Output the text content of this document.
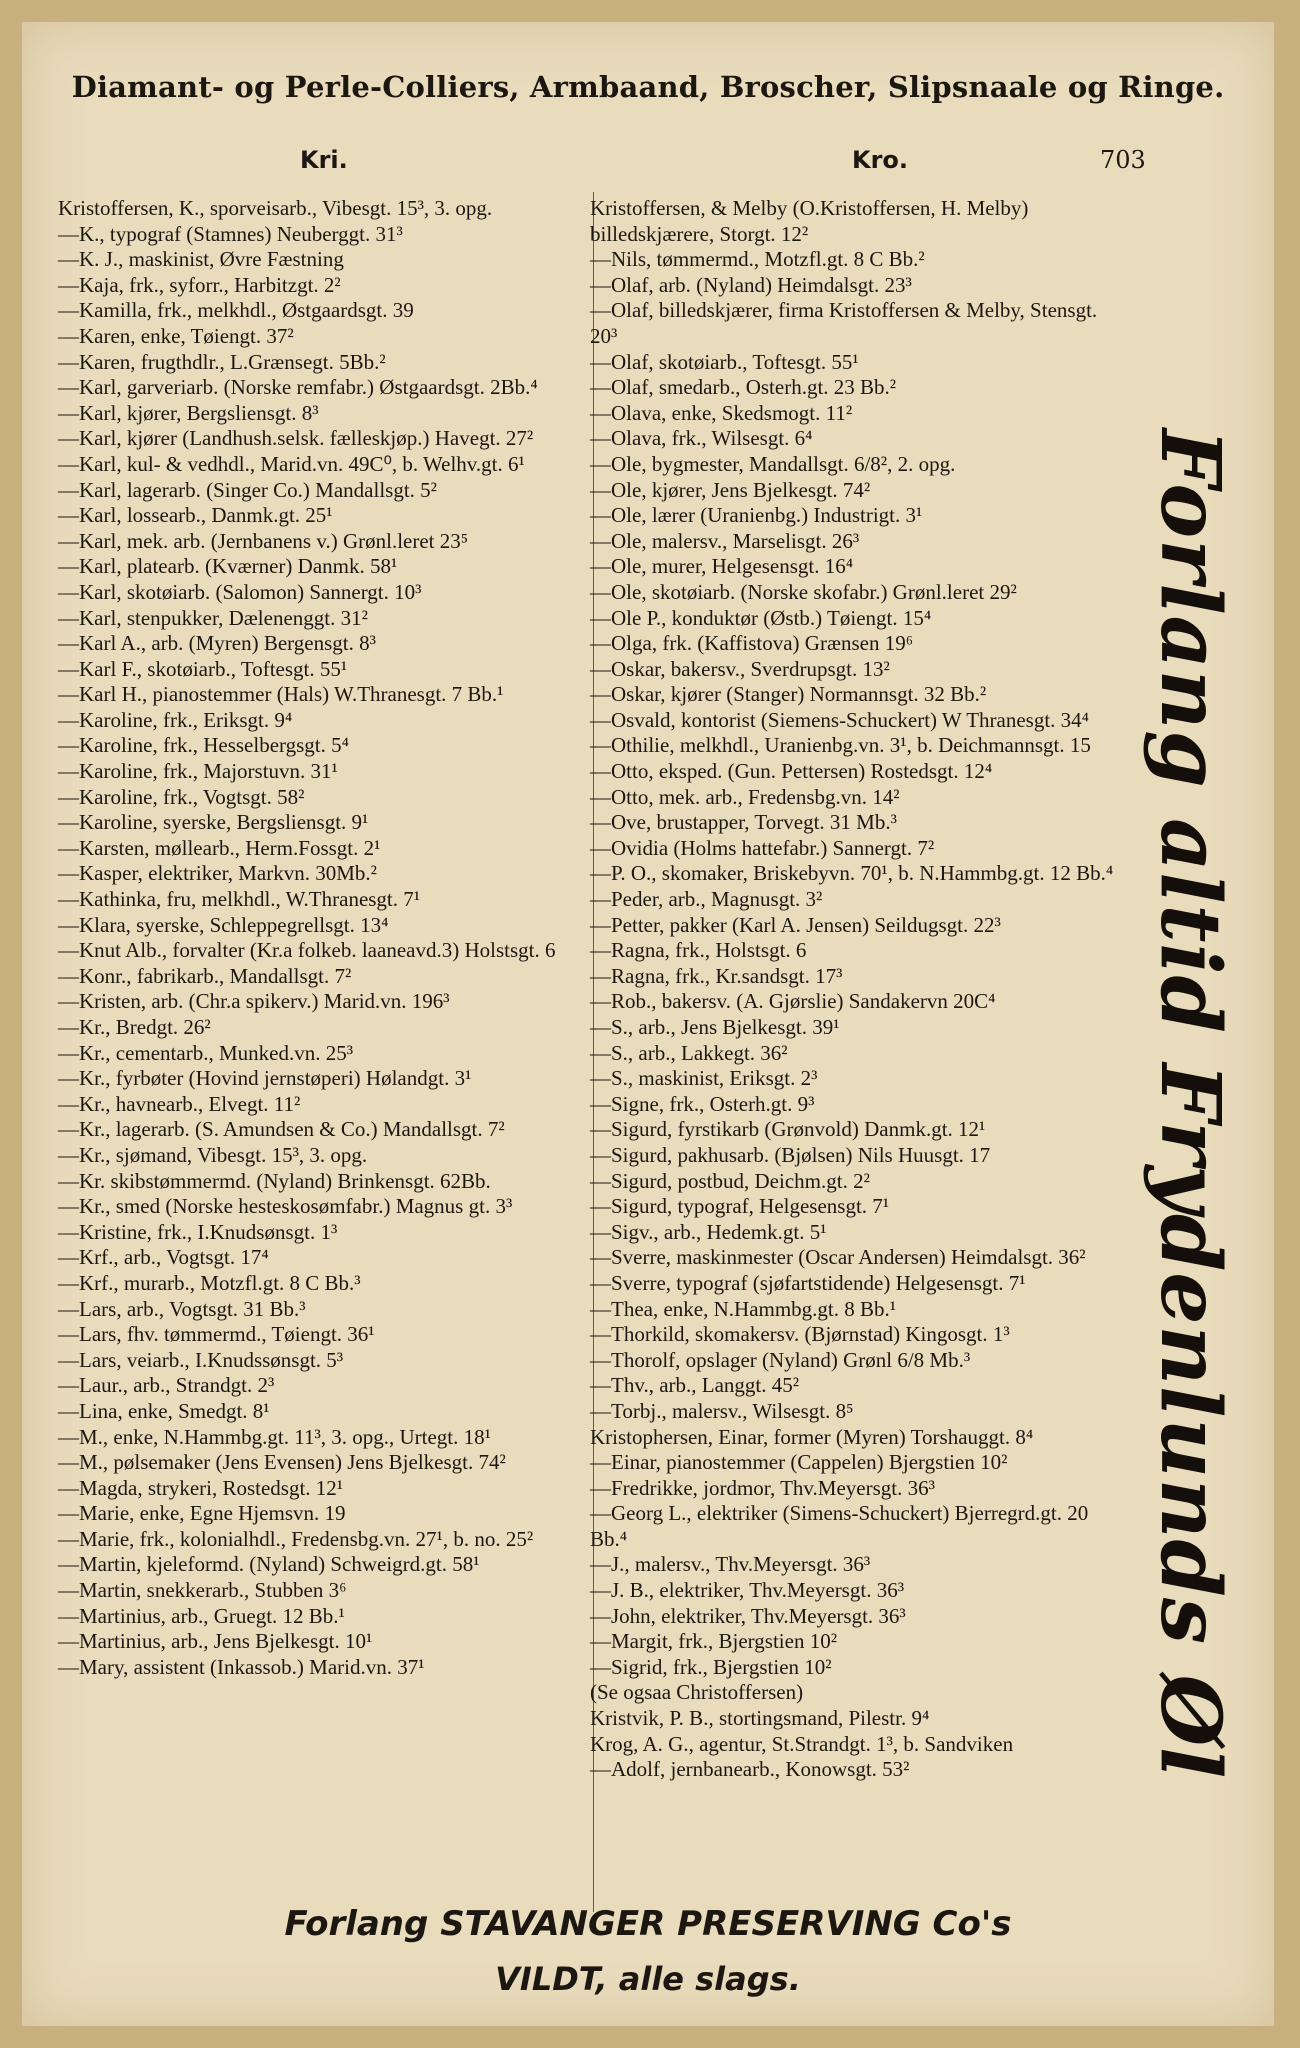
Diamant- og Perle-Colliers, Armbaand, Broscher, Slipsnaale og Ringe.
Kri.	Kro.	703
Kristoffersen, K., sporveisarb., Vibesgt. 15³, 3. opg.
—K., typograf (Stamnes) Neuberggt. 31³
—K. J., maskinist, Øvre Fæstning
—Kaja, frk., syforr., Harbitzgt. 2²
—Kamilla, frk., melkhdl., Østgaardsgt. 39
—Karen, enke, Tøiengt. 37²
—Karen, frugthdlr., L.Grænsegt. 5Bb.²
—Karl, garveriarb. (Norske remfabr.) Østgaardsgt. 2Bb.⁴
—Karl, kjører, Bergsliensgt. 8³
—Karl, kjører (Landhush.selsk. fælleskjøp.) Havegt. 27²
—Karl, kul- & vedhdl., Marid.vn. 49C⁰, b. Welhv.gt. 6¹
—Karl, lagerarb. (Singer Co.) Mandallsgt. 5²
—Karl, lossearb., Danmk.gt. 25¹
—Karl, mek. arb. (Jernbanens v.) Grønl.leret 23⁵
—Karl, platearb. (Kværner) Danmk. 58¹
—Karl, skotøiarb. (Salomon) Sannergt. 10³
—Karl, stenpukker, Dælenenggt. 31²
—Karl A., arb. (Myren) Bergensgt. 8³
—Karl F., skotøiarb., Toftesgt. 55¹
—Karl H., pianostemmer (Hals) W.Thranesgt. 7 Bb.¹
—Karoline, frk., Eriksgt. 9⁴
—Karoline, frk., Hesselbergsgt. 5⁴
—Karoline, frk., Majorstuvn. 31¹
—Karoline, frk., Vogtsgt. 58²
—Karoline, syerske, Bergsliensgt. 9¹
—Karsten, møllearb., Herm.Fossgt. 2¹
—Kasper, elektriker, Markvn. 30Mb.²
—Kathinka, fru, melkhdl., W.Thranesgt. 7¹
—Klara, syerske, Schleppegrellsgt. 13⁴
—Knut Alb., forvalter (Kr.a folkeb. laaneavd.3) Holstsgt. 6
—Konr., fabrikarb., Mandallsgt. 7²
—Kristen, arb. (Chr.a spikerv.) Marid.vn. 196³
—Kr., Bredgt. 26²
—Kr., cementarb., Munked.vn. 25³
—Kr., fyrbøter (Hovind jernstøperi) Hølandgt. 3¹
—Kr., havnearb., Elvegt. 11²
—Kr., lagerarb. (S. Amundsen & Co.) Mandallsgt. 7²
—Kr., sjømand, Vibesgt. 15³, 3. opg.
—Kr. skibstømmermd. (Nyland) Brinkensgt. 62Bb.
—Kr., smed (Norske hesteskosømfabr.) Magnus gt. 3³
—Kristine, frk., I.Knudsønsgt. 1³
—Krf., arb., Vogtsgt. 17⁴
—Krf., murarb., Motzfl.gt. 8 C Bb.³
—Lars, arb., Vogtsgt. 31 Bb.³
—Lars, fhv. tømmermd., Tøiengt. 36¹
—Lars, veiarb., I.Knudssønsgt. 5³
—Laur., arb., Strandgt. 2³
—Lina, enke, Smedgt. 8¹
—M., enke, N.Hammbg.gt. 11³, 3. opg., Urtegt. 18¹
—M., pølsemaker (Jens Evensen) Jens Bjelkesgt. 74²
—Magda, strykeri, Rostedsgt. 12¹
—Marie, enke, Egne Hjemsvn. 19
—Marie, frk., kolonialhdl., Fredensbg.vn. 27¹, b. no. 25²
—Martin, kjeleformd. (Nyland) Schweigrd.gt. 58¹
—Martin, snekkerarb., Stubben 3⁶
—Martinius, arb., Gruegt. 12 Bb.¹
—Martinius, arb., Jens Bjelkesgt. 10¹
—Mary, assistent (Inkassob.) Marid.vn. 37¹
Kristoffersen, & Melby (O.Kristoffersen, H. Melby) billedskjærere, Storgt. 12²
—Nils, tømmermd., Motzfl.gt. 8 C Bb.²
—Olaf, arb. (Nyland) Heimdalsgt. 23³
—Olaf, billedskjærer, firma Kristoffersen & Melby, Stensgt. 20³
—Olaf, skotøiarb., Toftesgt. 55¹
—Olaf, smedarb., Osterh.gt. 23 Bb.²
—Olava, enke, Skedsmogt. 11²
—Olava, frk., Wilsesgt. 6⁴
—Ole, bygmester, Mandallsgt. 6/8², 2. opg.
—Ole, kjører, Jens Bjelkesgt. 74²
—Ole, lærer (Uranienbg.) Industrigt. 3¹
—Ole, malersv., Marselisgt. 26³
—Ole, murer, Helgesensgt. 16⁴
—Ole, skotøiarb. (Norske skofabr.) Grønl.leret 29²
—Ole P., konduktør (Østb.) Tøiengt. 15⁴
—Olga, frk. (Kaffistova) Grænsen 19⁶
—Oskar, bakersv., Sverdrupsgt. 13²
—Oskar, kjører (Stanger) Normannsgt. 32 Bb.²
—Osvald, kontorist (Siemens-Schuckert) W Thranesgt. 34⁴
—Othilie, melkhdl., Uranienbg.vn. 3¹, b. Deichmannsgt. 15
—Otto, eksped. (Gun. Pettersen) Rostedsgt. 12⁴
—Otto, mek. arb., Fredensbg.vn. 14²
—Ove, brustapper, Torvegt. 31 Mb.³
—Ovidia (Holms hattefabr.) Sannergt. 7²
—P. O., skomaker, Briskebyvn. 70¹, b. N.Hammbg.gt. 12 Bb.⁴
—Peder, arb., Magnusgt. 3²
—Petter, pakker (Karl A. Jensen) Seildugsgt. 22³
—Ragna, frk., Holstsgt. 6
—Ragna, frk., Kr.sandsgt. 17³
—Rob., bakersv. (A. Gjørslie) Sandakervn 20C⁴
—S., arb., Jens Bjelkesgt. 39¹
—S., arb., Lakkegt. 36²
—S., maskinist, Eriksgt. 2³
—Signe, frk., Osterh.gt. 9³
—Sigurd, fyrstikarb (Grønvold) Danmk.gt. 12¹
—Sigurd, pakhusarb. (Bjølsen) Nils Huusgt. 17
—Sigurd, postbud, Deichm.gt. 2²
—Sigurd, typograf, Helgesensgt. 7¹
—Sigv., arb., Hedemk.gt. 5¹
—Sverre, maskinmester (Oscar Andersen) Heimdalsgt. 36²
—Sverre, typograf (sjøfartstidende) Helgesensgt. 7¹
—Thea, enke, N.Hammbg.gt. 8 Bb.¹
—Thorkild, skomakersv. (Bjørnstad) Kingosgt. 1³
—Thorolf, opslager (Nyland) Grønl 6/8 Mb.³
—Thv., arb., Langgt. 45²
—Torbj., malersv., Wilsesgt. 8⁵
Kristophersen, Einar, former (Myren) Torshauggt. 8⁴
—Einar, pianostemmer (Cappelen) Bjergstien 10²
—Fredrikke, jordmor, Thv.Meyersgt. 36³
—Georg L., elektriker (Simens-Schuckert) Bjerregrd.gt. 20 Bb.⁴
—J., malersv., Thv.Meyersgt. 36³
—J. B., elektriker, Thv.Meyersgt. 36³
—John, elektriker, Thv.Meyersgt. 36³
—Margit, frk., Bjergstien 10²
—Sigrid, frk., Bjergstien 10²
(Se ogsaa Christoffersen)
Kristvik, P. B., stortingsmand, Pilestr. 9⁴
Krog, A. G., agentur, St.Strandgt. 1³, b. Sandviken
—Adolf, jernbanearb., Konowsgt. 53²	Forlang altid Frydenlunds Øl
Forlang STAVANGER PRESERVING Co's
VILDT, alle slags.
